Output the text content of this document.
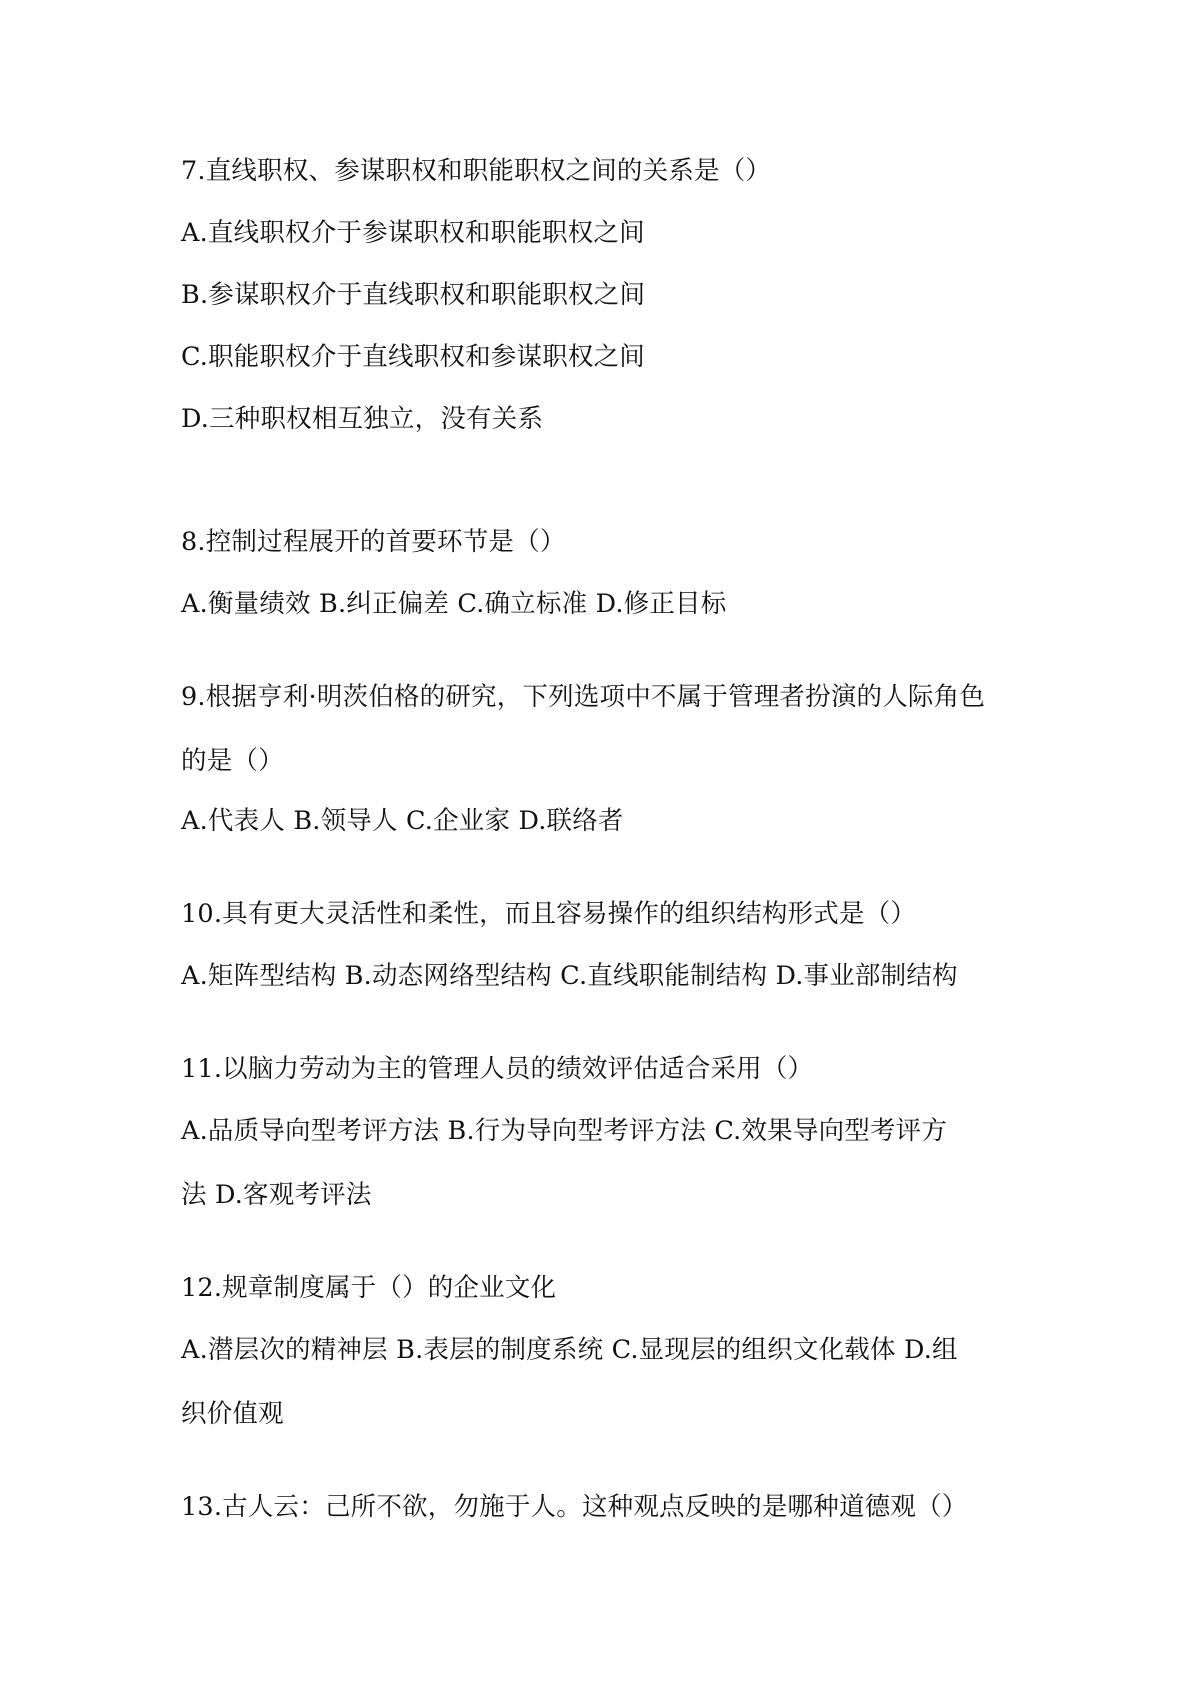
7.直线职权、参谋职权和职能职权之间的关系是（）
A.直线职权介于参谋职权和职能职权之间
B.参谋职权介于直线职权和职能职权之间
C.职能职权介于直线职权和参谋职权之间
D.三种职权相互独立，没有关系
8.控制过程展开的首要环节是（）
A.衡量绩效 B.纠正偏差 C.确立标准 D.修正目标
9.根据亨利·明茨伯格的研究，下列选项中不属于管理者扮演的人际角色
的是（）
A.代表人 B.领导人 C.企业家 D.联络者
10.具有更大灵活性和柔性，而且容易操作的组织结构形式是（）
A.矩阵型结构 B.动态网络型结构 C.直线职能制结构 D.事业部制结构
11.以脑力劳动为主的管理人员的绩效评估适合采用（）
A.品质导向型考评方法 B.行为导向型考评方法 C.效果导向型考评方
法 D.客观考评法
12.规章制度属于（）的企业文化
A.潜层次的精神层 B.表层的制度系统 C.显现层的组织文化载体 D.组
织价值观
13.古人云：己所不欲，勿施于人。这种观点反映的是哪种道德观（）
